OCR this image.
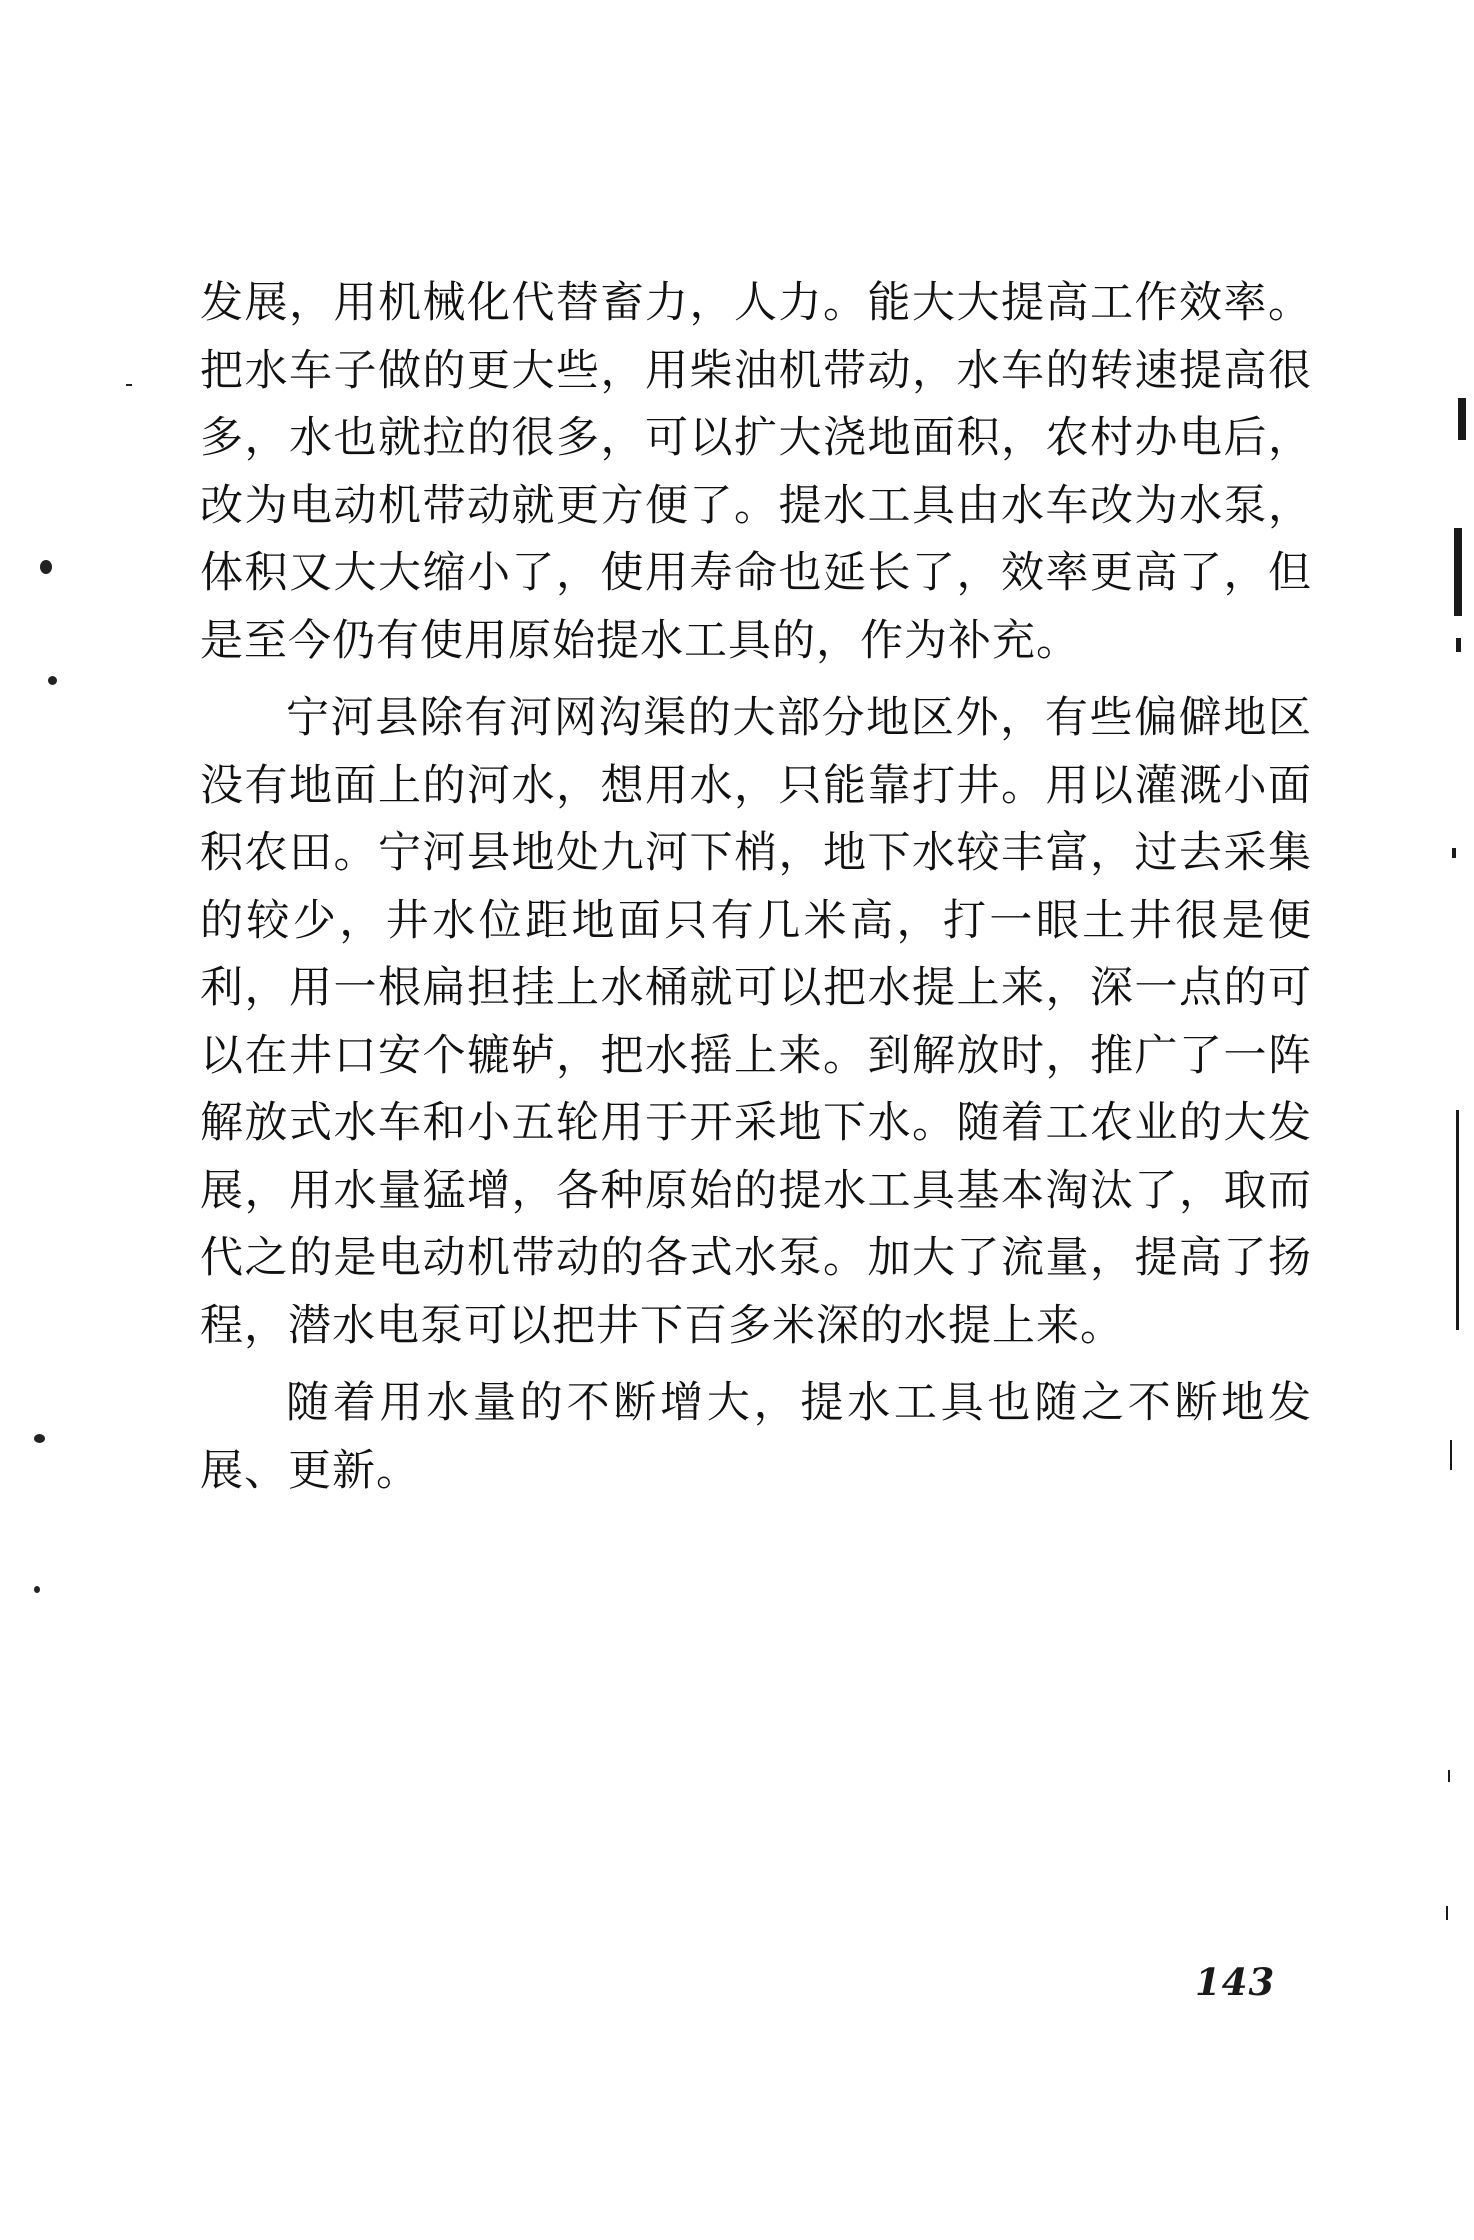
发展，用机械化代替畜力，人力。能大大提高工作效率。把水车子做的更大些，用柴油机带动，水车的转速提高很多，水也就拉的很多，可以扩大浇地面积，农村办电后，改为电动机带动就更方便了。提水工具由水车改为水泵，体积又大大缩小了，使用寿命也延长了，效率更高了，但是至今仍有使用原始提水工具的，作为补充。

宁河县除有河网沟渠的大部分地区外，有些偏僻地区没有地面上的河水，想用水，只能靠打井。用以灌溉小面积农田。宁河县地处九河下梢，地下水较丰富，过去采集的较少，井水位距地面只有几米高，打一眼土井很是便利，用一根扁担挂上水桶就可以把水提上来，深一点的可以在井口安个辘轳，把水摇上来。到解放时，推广了一阵解放式水车和小五轮用于开采地下水。随着工农业的大发展，用水量猛增，各种原始的提水工具基本淘汰了，取而代之的是电动机带动的各式水泵。加大了流量，提高了扬程，潜水电泵可以把井下百多米深的水提上来。

随着用水量的不断增大，提水工具也随之不断地发展、更新。

143
